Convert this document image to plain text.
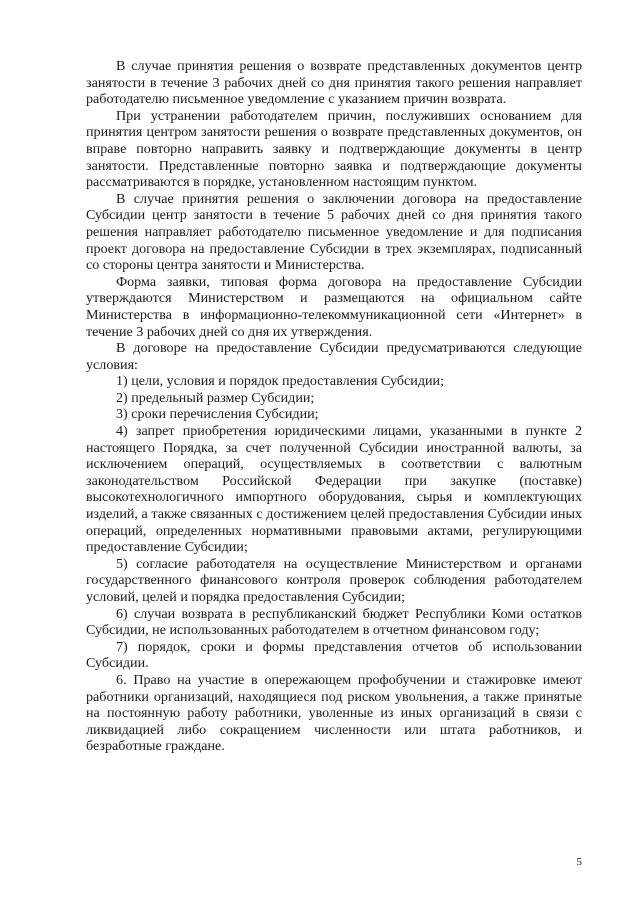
В случае принятия решения о возврате представленных документов центр занятости в течение 3 рабочих дней со дня принятия такого решения направляет работодателю письменное уведомление с указанием причин возврата.

При устранении работодателем причин, послуживших основанием для принятия центром занятости решения о возврате представленных документов, он вправе повторно направить заявку и подтверждающие документы в центр занятости. Представленные повторно заявка и подтверждающие документы рассматриваются в порядке, установленном настоящим пунктом.

В случае принятия решения о заключении договора на предоставление Субсидии центр занятости в течение 5 рабочих дней со дня принятия такого решения направляет работодателю письменное уведомление и для подписания проект договора на предоставление Субсидии в трех экземплярах, подписанный со стороны центра занятости и Министерства.

Форма заявки, типовая форма договора на предоставление Субсидии утверждаются Министерством и размещаются на официальном сайте Министерства в информационно-телекоммуникационной сети «Интернет» в течение 3 рабочих дней со дня их утверждения.

В договоре на предоставление Субсидии предусматриваются следующие условия:

1) цели, условия и порядок предоставления Субсидии;

2) предельный размер Субсидии;

3) сроки перечисления Субсидии;

4) запрет приобретения юридическими лицами, указанными в пункте 2 настоящего Порядка, за счет полученной Субсидии иностранной валюты, за исключением операций, осуществляемых в соответствии с валютным законодательством Российской Федерации при закупке (поставке) высокотехнологичного импортного оборудования, сырья и комплектующих изделий, а также связанных с достижением целей предоставления Субсидии иных операций, определенных нормативными правовыми актами, регулирующими предоставление Субсидии;

5) согласие работодателя на осуществление Министерством и органами государственного финансового контроля проверок соблюдения работодателем условий, целей и порядка предоставления Субсидии;

6) случаи возврата в республиканский бюджет Республики Коми остатков Субсидии, не использованных работодателем в отчетном финансовом году;

7) порядок, сроки и формы представления отчетов об использовании Субсидии.

6. Право на участие в опережающем профобучении и стажировке имеют работники организаций, находящиеся под риском увольнения, а также принятые на постоянную работу работники, уволенные из иных организаций в связи с ликвидацией либо сокращением численности или штата работников, и безработные граждане.

5
